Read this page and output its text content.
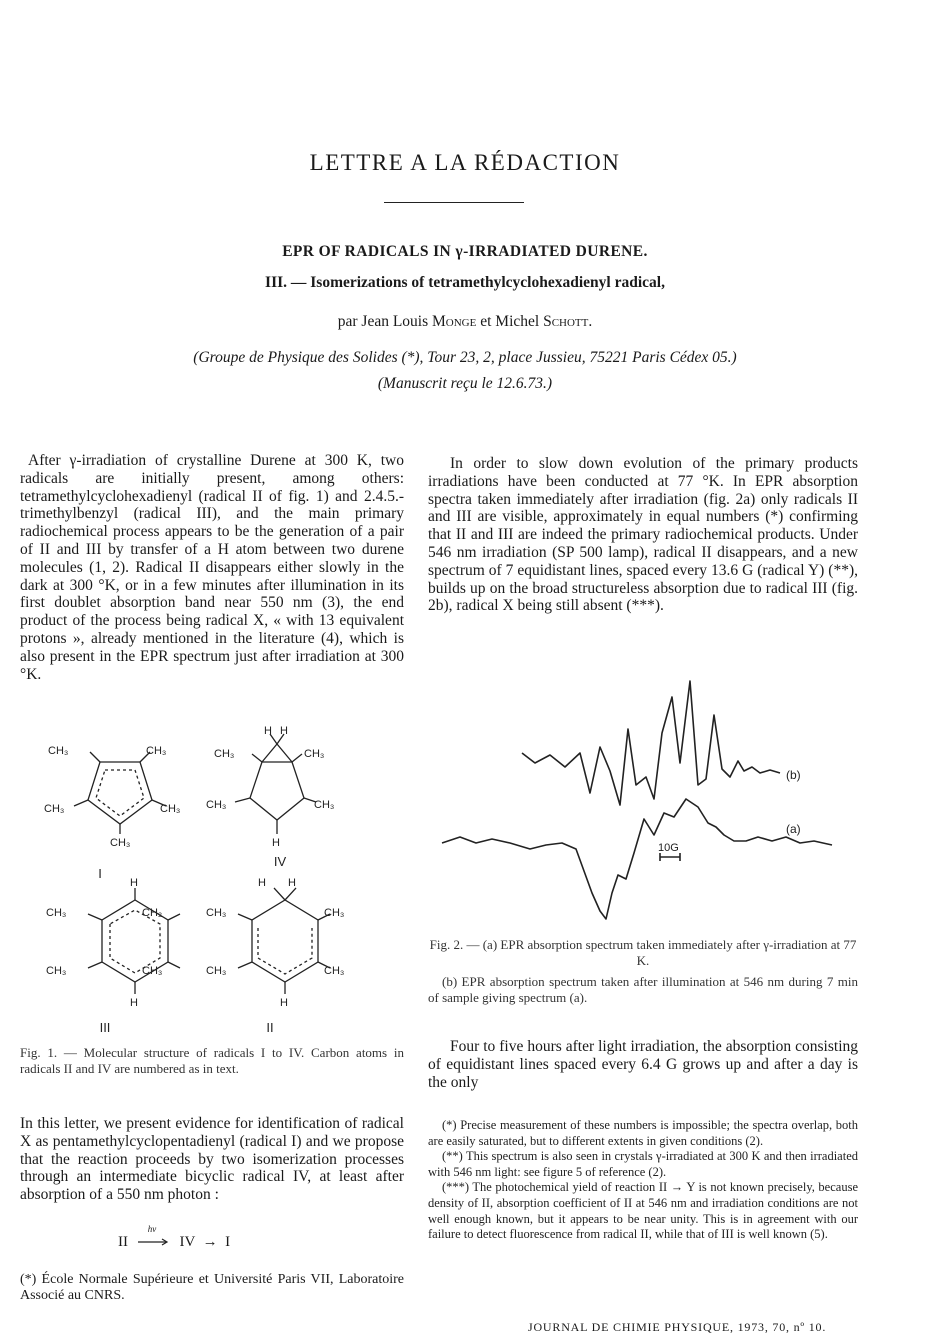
LETTRE A LA RÉDACTION
EPR OF RADICALS IN γ-IRRADIATED DURENE.
III. — Isomerizations of tetramethylcyclohexadienyl radical,
par Jean Louis Monge et Michel Schott.
(Groupe de Physique des Solides (*), Tour 23, 2, place Jussieu, 75221 Paris Cédex 05.)
(Manuscrit reçu le 12.6.73.)
After γ-irradiation of crystalline Durene at 300 K, two radicals are initially present, among others: tetramethylcyclohexadienyl (radical II of fig. 1) and 2.4.5.-trimethylbenzyl (radical III), and the main primary radiochemical process appears to be the generation of a pair of II and III by transfer of a H atom between two durene molecules (1, 2). Radical II disappears either slowly in the dark at 300 °K, or in a few minutes after illumination in its first doublet absorption band near 550 nm (3), the end product of the process being radical X, « with 13 equivalent protons », already mentioned in the literature (4), which is also present in the EPR spectrum just after irradiation at 300 °K.
In order to slow down evolution of the primary products irradiations have been conducted at 77 °K. In EPR absorption spectra taken immediately after irradiation (fig. 2a) only radicals II and III are visible, approximately in equal numbers (*) confirming that II and III are indeed the primary radiochemical products. Under 546 nm irradiation (SP 500 lamp), radical II disappears, and a new spectrum of 7 equidistant lines, spaced every 13.6 G (radical Y) (**), builds up on the broad structureless absorption due to radical III (fig. 2b), radical X being still absent (***).
CH₃	CH₃
CH₃	CH₃
CH₃
CH₃	CH₃
CH₃	CH₃
H H
H
H
H
CH₃	CH₂
CH₃	CH₃
H H
H
CH₃	CH₃
CH₃	CH₃
I
IV
III	II
Fig. 1. — Molecular structure of radicals I to IV. Carbon atoms in radicals II and IV are numbered as in text.
(b)
(a)
10G
Fig. 2. — (a) EPR absorption spectrum taken immediately after γ-irradiation at 77 K.
(b) EPR absorption spectrum taken after illumination at 546 nm during 7 min of sample giving spectrum (a).
Four to five hours after light irradiation, the absorption consisting of equidistant lines spaced every 6.4 G grows up and after a day is the only

(*) Precise measurement of these numbers is impossible; the spectra overlap, both are easily saturated, but to different extents in given conditions (2).

(**) This spectrum is also seen in crystals γ-irradiated at 300 K and then irradiated with 546 nm light: see figure 5 of reference (2).

(***) The photochemical yield of reaction II → Y is not known precisely, because density of II, absorption coefficient of II at 546 nm and irradiation conditions are not well enough known, but it appears to be near unity. This is in agreement with our failure to detect fluorescence from radical II, while that of III is well known (5).

In this letter, we present evidence for identification of radical X as pentamethylcyclopentadienyl (radical I) and we propose that the reaction proceeds by two isomerization processes through an intermediate bicyclic radical IV, at least after absorption of a 550 nm photon :
II
hν
IV → I
(*) École Normale Supérieure et Université Paris VII, Laboratoire Associé au CNRS.
JOURNAL DE CHIMIE PHYSIQUE, 1973, 70, nº 10.
